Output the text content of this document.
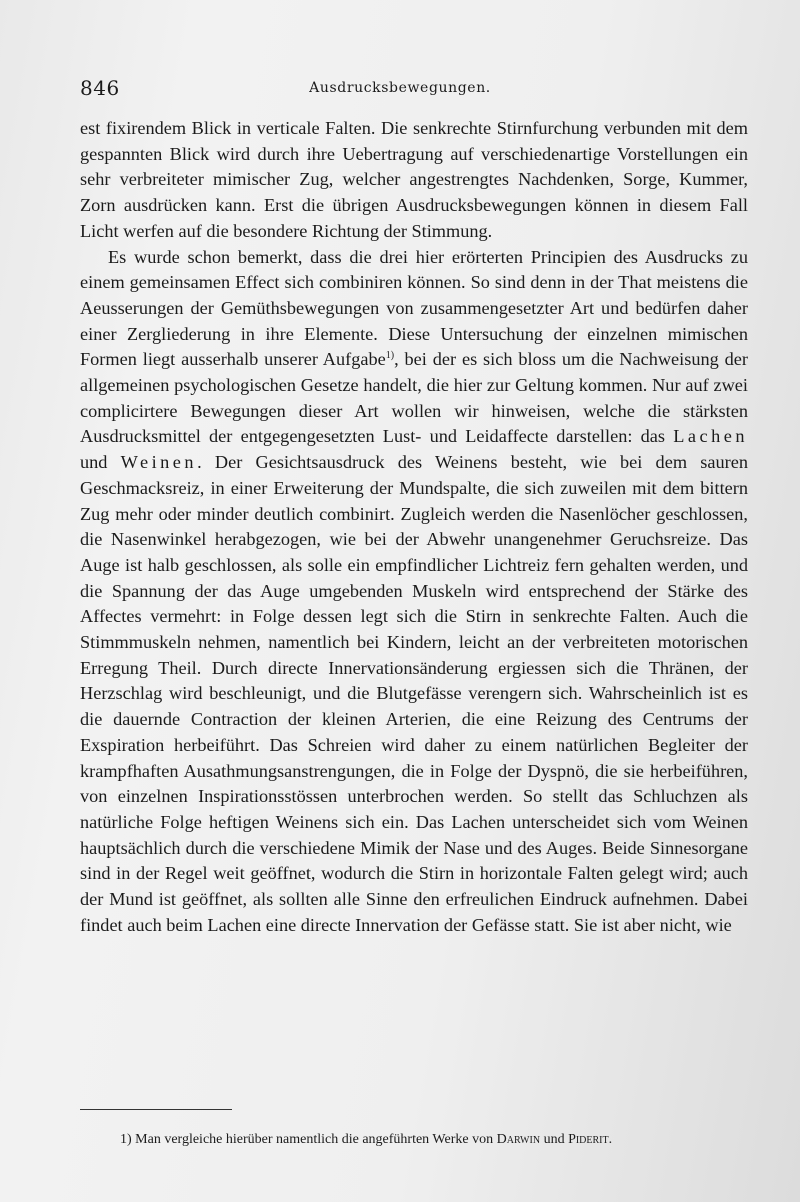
846	Ausdrucksbewegungen.

est fixirendem Blick in verticale Falten. Die senkrechte Stirnfurchung verbunden mit dem gespannten Blick wird durch ihre Uebertragung auf verschiedenartige Vorstellungen ein sehr verbreiteter mimischer Zug, welcher angestrengtes Nachdenken, Sorge, Kummer, Zorn ausdrücken kann. Erst die übrigen Ausdrucksbewegungen können in diesem Fall Licht werfen auf die besondere Richtung der Stimmung.

Es wurde schon bemerkt, dass die drei hier erörterten Principien des Ausdrucks zu einem gemeinsamen Effect sich combiniren können. So sind denn in der That meistens die Aeusserungen der Gemüthsbewegungen von zusammengesetzter Art und bedürfen daher einer Zergliederung in ihre Elemente. Diese Untersuchung der einzelnen mimischen Formen liegt ausserhalb unserer Aufgabe$^{1)}$, bei der es sich bloss um die Nachweisung der allgemeinen psychologischen Gesetze handelt, die hier zur Geltung kommen. Nur auf zwei complicirtere Bewegungen dieser Art wollen wir hinweisen, welche die stärksten Ausdrucksmittel der entgegengesetzten Lust- und Leidaffecte darstellen: das Lachen und Weinen. Der Gesichtsausdruck des Weinens besteht, wie bei dem sauren Geschmacksreiz, in einer Erweiterung der Mundspalte, die sich zuweilen mit dem bittern Zug mehr oder minder deutlich combinirt. Zugleich werden die Nasenlöcher geschlossen, die Nasenwinkel herabgezogen, wie bei der Abwehr unangenehmer Geruchsreize. Das Auge ist halb geschlossen, als solle ein empfindlicher Lichtreiz fern gehalten werden, und die Spannung der das Auge umgebenden Muskeln wird entsprechend der Stärke des Affectes vermehrt: in Folge dessen legt sich die Stirn in senkrechte Falten. Auch die Stimmmuskeln nehmen, namentlich bei Kindern, leicht an der verbreiteten motorischen Erregung Theil. Durch directe Innervationsänderung ergiessen sich die Thränen, der Herzschlag wird beschleunigt, und die Blutgefässe verengern sich. Wahrscheinlich ist es die dauernde Contraction der kleinen Arterien, die eine Reizung des Centrums der Exspiration herbeiführt. Das Schreien wird daher zu einem natürlichen Begleiter der krampfhaften Ausathmungsanstrengungen, die in Folge der Dyspnö, die sie herbeiführen, von einzelnen Inspirationsstössen unterbrochen werden. So stellt das Schluchzen als natürliche Folge heftigen Weinens sich ein. Das Lachen unterscheidet sich vom Weinen hauptsächlich durch die verschiedene Mimik der Nase und des Auges. Beide Sinnesorgane sind in der Regel weit geöffnet, wodurch die Stirn in horizontale Falten gelegt wird; auch der Mund ist geöffnet, als sollten alle Sinne den erfreulichen Eindruck aufnehmen. Dabei findet auch beim Lachen eine directe Innervation der Gefässe statt. Sie ist aber nicht, wie

1) Man vergleiche hierüber namentlich die angeführten Werke von Darwin und Piderit.
